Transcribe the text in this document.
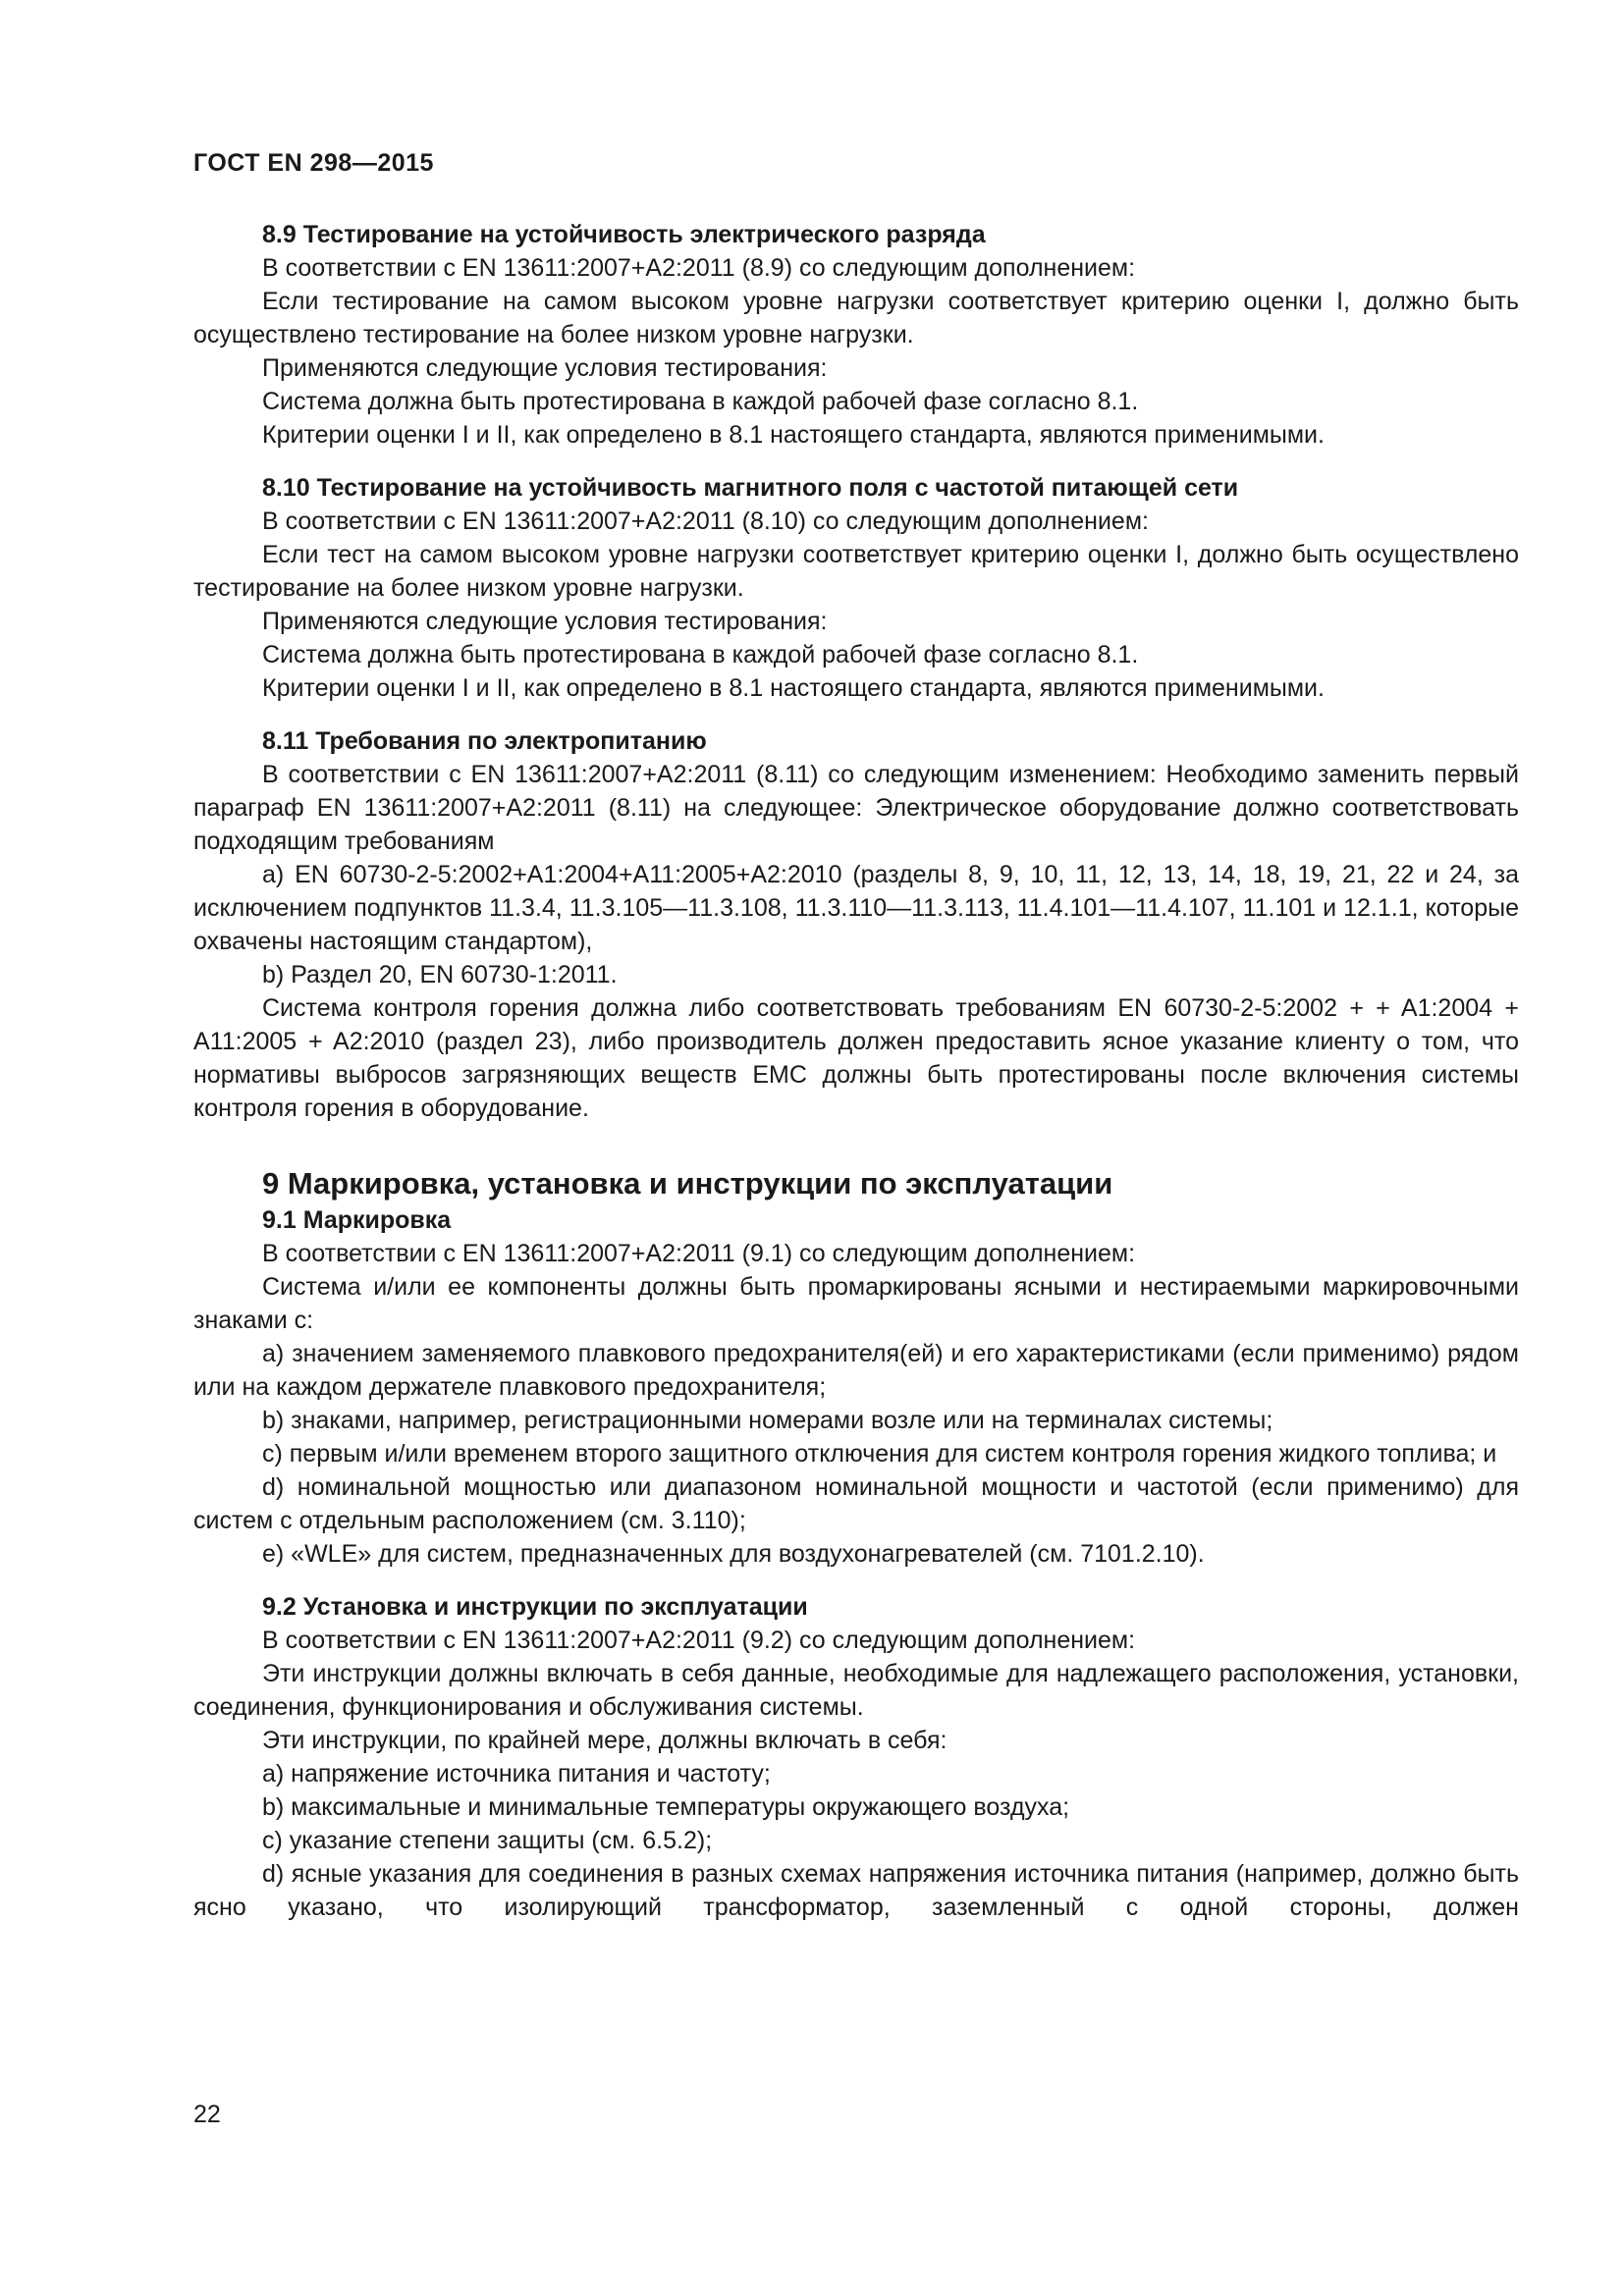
ГОСТ EN 298—2015

8.9 Тестирование на устойчивость электрического разряда

В соответствии с EN 13611:2007+A2:2011 (8.9) со следующим дополнением:

Если тестирование на самом высоком уровне нагрузки соответствует критерию оценки I, должно быть осуществлено тестирование на более низком уровне нагрузки.

Применяются следующие условия тестирования:

Система должна быть протестирована в каждой рабочей фазе согласно 8.1.

Критерии оценки I и II, как определено в 8.1 настоящего стандарта, являются применимыми.

8.10 Тестирование на устойчивость магнитного поля с частотой питающей сети

В соответствии с EN 13611:2007+A2:2011 (8.10) со следующим дополнением:

Если тест на самом высоком уровне нагрузки соответствует критерию оценки I, должно быть осуществлено тестирование на более низком уровне нагрузки.

Применяются следующие условия тестирования:

Система должна быть протестирована в каждой рабочей фазе согласно 8.1.

Критерии оценки I и II, как определено в 8.1 настоящего стандарта, являются применимыми.

8.11 Требования по электропитанию

В соответствии с EN 13611:2007+A2:2011 (8.11) со следующим изменением: Необходимо заменить первый параграф EN 13611:2007+A2:2011 (8.11) на следующее: Электрическое оборудование должно соответствовать подходящим требованиям

a) EN 60730-2-5:2002+A1:2004+A11:2005+A2:2010 (разделы 8, 9, 10, 11, 12, 13, 14, 18, 19, 21, 22 и 24, за исключением подпунктов 11.3.4, 11.3.105—11.3.108, 11.3.110—11.3.113, 11.4.101—11.4.107, 11.101 и 12.1.1, которые охвачены настоящим стандартом),

b) Раздел 20, EN 60730-1:2011.

Система контроля горения должна либо соответствовать требованиям EN 60730-2-5:2002 + + A1:2004 + A11:2005 + A2:2010 (раздел 23), либо производитель должен предоставить ясное указание клиенту о том, что нормативы выбросов загрязняющих веществ ЕМС должны быть протестированы после включения системы контроля горения в оборудование.

9 Маркировка, установка и инструкции по эксплуатации

9.1 Маркировка

В соответствии с EN 13611:2007+A2:2011 (9.1) со следующим дополнением:

Система и/или ее компоненты должны быть промаркированы ясными и нестираемыми маркировочными знаками с:

a) значением заменяемого плавкового предохранителя(ей) и его характеристиками (если применимо) рядом или на каждом держателе плавкового предохранителя;

b) знаками, например, регистрационными номерами возле или на терминалах системы;

c) первым и/или временем второго защитного отключения для систем контроля горения жидкого топлива; и

d) номинальной мощностью или диапазоном номинальной мощности и частотой (если применимо) для систем с отдельным расположением (см. 3.110);

e) «WLE» для систем, предназначенных для воздухонагревателей (см. 7101.2.10).

9.2 Установка и инструкции по эксплуатации

В соответствии с EN 13611:2007+A2:2011 (9.2) со следующим дополнением:

Эти инструкции должны включать в себя данные, необходимые для надлежащего расположения, установки, соединения, функционирования и обслуживания системы.

Эти инструкции, по крайней мере, должны включать в себя:

a) напряжение источника питания и частоту;

b) максимальные и минимальные температуры окружающего воздуха;

c) указание степени защиты (см. 6.5.2);

d) ясные указания для соединения в разных схемах напряжения источника питания (например, должно быть ясно указано, что изолирующий трансформатор, заземленный с одной стороны, должен

22
